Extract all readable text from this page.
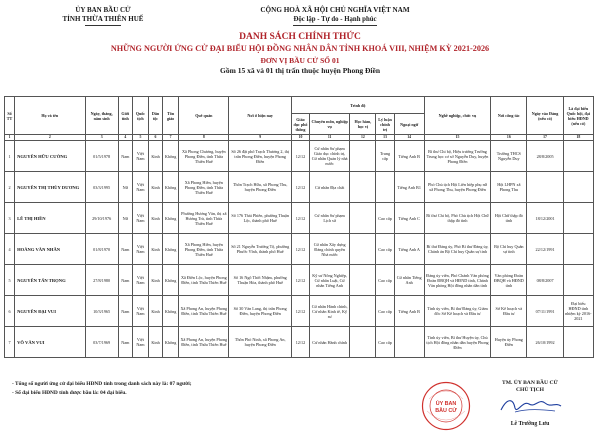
ỦY BAN BẦU CỬ
TỈNH THỪA THIÊN HUẾ
CỘNG HOÀ XÃ HỘI CHỦ NGHĨA VIỆT NAM
Độc lập - Tự do - Hạnh phúc
DANH SÁCH CHÍNH THỨC
NHỮNG NGƯỜI ỨNG CỬ ĐẠI BIỂU HỘI ĐỒNG NHÂN DÂN TỈNH KHOÁ VIII, NHIỆM KỲ 2021-2026
ĐƠN VỊ BẦU CỬ SỐ 01
Gồm 15 xã và 01 thị trấn thuộc huyện Phong Điền
Số TT	Họ và tên	Ngày, tháng, năm sinh	Giới tính	Quốc tịch	Dân tộc	Tôn giáo	Quê quán	Nơi ở hiện nay	Trình độ					Nghề nghiệp, chức vụ	Nơi công tác	Ngày vào Đảng (nếu có)	Là đại biểu Quốc hội, đại biểu HĐND (nếu có)
									Giáo dục phổ thông	Chuyên môn, nghiệp vụ	Học hàm, học vị	Lý luận chính trị	Ngoại ngữ				
1	2	3	4	5	6	7	8	9	10	11	12	13	14	15	16	17	18
1	NGUYỄN HỮU CƯỜNG	01/5/1978	Nam	Việt Nam	Kinh	Không	Xã Phong Chương, huyện Phong Điền, tỉnh Thừa Thiên Huế	Số 26 đặt phố Trạch Thương 2, thị trấn Phong Điền, huyện Phong Điền	12/12	Cử nhân Sư phạm Giáo dục chính trị, Cử nhân Quản lý nhà nước		Trung cấp	Tiếng Anh B	Bí thư Chi bộ, Hiệu trưởng Trường Trung học cơ sở Nguyễn Duy, huyện Phong Điền	Trường THCS Nguyễn Duy	28/8/2005	
2	NGUYỄN THỊ THÙY DƯƠNG	03/3/1995	Nữ	Việt Nam	Kinh	Không	Xã Phong Hiền, huyện Phong Điền, tỉnh Thừa Thiên Huế	Thôn Trạch Hữu, xã Phong Thu, huyện Phong Điền	12/12	Cử nhân Địa chất			Tiếng Anh B1	Phó Chủ tịch Hội Liên hiệp phụ nữ xã Phong Thu, huyện Phong Điền	Hội LHPN xã Phong Thu		
3	LÊ THỊ HIỀN	29/10/1976	Nữ	Việt Nam	Kinh	Không	Phường Hương Văn, thị xã Hương Trà, tỉnh Thừa Thiên Huế	Số 176 Thái Phiên, phường Thuận Lộc, thành phố Huế	12/12	Cử nhân Sư phạm Lịch sử		Cao cấp	Tiếng Anh C	Bí thư Chi bộ, Phó Chủ tịch Hội Chữ thập đỏ tỉnh	Hội Chữ thập đỏ tỉnh	18/12/2001	
4	HOÀNG VĂN NHÂN	01/8/1970	Nam	Việt Nam	Kinh	Không	Xã Phong Hiền, huyện Phong Điền, tỉnh Thừa Thiên Huế	Số 21 Nguyễn Trường Tộ, phường Phước Vĩnh, thành phố Huế	12/12	Cử nhân Xây dựng Đảng chính quyền Nhà nước		Cao cấp	Tiếng Anh A	Bí thư Đảng ủy, Phó Bí thư Đảng ủy, Chánh án Bộ Chỉ huy Quân sự tỉnh	Bộ Chỉ huy Quân sự tỉnh	22/12/1991	
5	NGUYỄN TẤN TRỌNG	27/8/1980	Nam	Việt Nam	Kinh	Không	Xã Điền Lộc, huyện Phong Điền, tỉnh Thừa Thiên Huế	Số 16 Ngô Thời Nhậm, phường Thuận Hòa, thành phố Huế	12/12	Kỹ sư Nông Nghiệp, Cử nhân Luật, Cử nhân Tiếng Anh		Cao cấp	Cử nhân Tiếng Anh	Đảng ủy viên, Phó Chánh Văn phòng Đoàn ĐBQH và HĐND tỉnh, Chánh Văn phòng Hội đồng nhân dân tỉnh	Văn phòng Đoàn ĐBQH và HĐND tỉnh	08/8/2007	
6	NGUYỄN ĐẠI VUI	10/3/1965	Nam	Việt Nam	Kinh	Không	Xã Phong An, huyện Phong Điền, tỉnh Thừa Thiên Huế	Số 30 Văn Lang, thị trấn Phong Điền, huyện Phong Điền	12/12	Cử nhân Hành chính, Cử nhân Kinh tế, Kỹ sư		Cao cấp	Tiếng Anh B	Tỉnh ủy viên, Bí thư Đảng ủy, Giám đốc Sở Kế hoạch và Đầu tư	Sở Kế hoạch và Đầu tư	07/11/1991	Đại biểu HĐND tỉnh nhiệm kỳ 2016-2021
7	VÕ VĂN VUI	03/7/1969	Nam	Việt Nam	Kinh	Không	Xã Phong An, huyện Phong Điền, tỉnh Thừa Thiên Huế	Thôn Phò Ninh, xã Phong An, huyện Phong Điền	12/12	Cử nhân Hành chính		Cao cấp		Tỉnh ủy viên, Bí thư Huyện ủy, Chủ tịch Hội đồng nhân dân huyện Phong Điền	Huyện ủy Phong Điền	26/10/1992	
- Tổng số người ứng cử đại biểu HĐND tỉnh trong danh sách này là: 07 người;
- Số đại biểu HĐND tỉnh được bầu là: 04 đại biểu.
ỦY BAN
BẦU CỬ
TM. ỦY BAN BẦU CỬ
CHỦ TỊCH
Lê Trường Lưu
